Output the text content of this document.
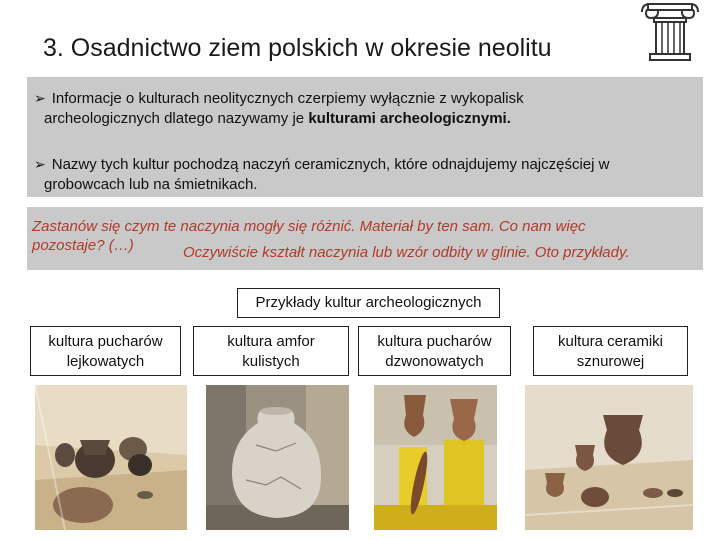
3. Osadnictwo ziem polskich w okresie neolitu
➢ Informacje o kulturach neolitycznych czerpiemy wyłącznie z wykopalisk
archeologicznych dlatego nazywamy je kulturami archeologicznymi.
➢ Nazwy tych kultur pochodzą naczyń ceramicznych, które odnajdujemy najczęściej w
grobowcach lub na śmietnikach.
Zastanów się czym te naczynia mogły się różnić. Materiał by ten sam. Co nam więc
pozostaje? (…)	Oczywiście kształt naczynia lub wzór odbity w glinie. Oto przykłady.
Przykłady kultur archeologicznych
kultura pucharów
lejkowatych
kultura amfor
kulistych
kultura pucharów
dzwonowatych
kultura ceramiki
sznurowej
